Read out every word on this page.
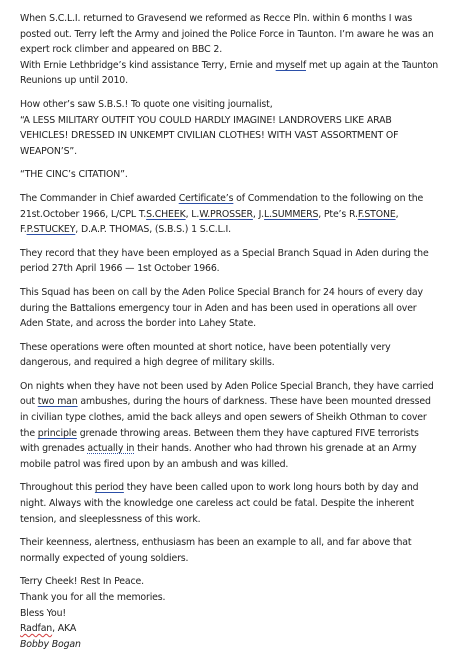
When S.C.L.I. returned to Gravesend we reformed as Recce Pln. within 6 months I was posted out. Terry left the Army and joined the Police Force in Taunton. I’m aware he was an expert rock climber and appeared on BBC 2.

With Ernie Lethbridge’s kind assistance Terry, Ernie and myself met up again at the Taunton Reunions up until 2010.

How other’s saw S.B.S.! To quote one visiting journalist,

“A LESS MILITARY OUTFIT YOU COULD HARDLY IMAGINE! LANDROVERS LIKE ARAB VEHICLES! DRESSED IN UNKEMPT CIVILIAN CLOTHES! WITH VAST ASSORTMENT OF WEAPON’S”.

“THE CINC’s CITATION”.

The Commander in Chief awarded Certificate’s of Commendation to the following on the 21st.October 1966, L/CPL T.S.CHEEK, L.W.PROSSER, J.L.SUMMERS, Pte’s R.F.STONE, F.P.STUCKEY, D.A.P. THOMAS, (S.B.S.) 1 S.C.L.I.

They record that they have been employed as a Special Branch Squad in Aden during the period 27th April 1966 — 1st October 1966.

This Squad has been on call by the Aden Police Special Branch for 24 hours of every day during the Battalions emergency tour in Aden and has been used in operations all over Aden State, and across the border into Lahey State.

These operations were often mounted at short notice, have been potentially very dangerous, and required a high degree of military skills.

On nights when they have not been used by Aden Police Special Branch, they have carried out two man ambushes, during the hours of darkness. These have been mounted dressed in civilian type clothes, amid the back alleys and open sewers of Sheikh Othman to cover the principle grenade throwing areas. Between them they have captured FIVE terrorists with grenades actually in their hands. Another who had thrown his grenade at an Army mobile patrol was fired upon by an ambush and was killed.

Throughout this period they have been called upon to work long hours both by day and night. Always with the knowledge one careless act could be fatal. Despite the inherent tension, and sleeplessness of this work.

Their keenness, alertness, enthusiasm has been an example to all, and far above that normally expected of young soldiers.

Terry Cheek! Rest In Peace.

Thank you for all the memories.

Bless You!

Radfan, AKA

Bobby Bogan
